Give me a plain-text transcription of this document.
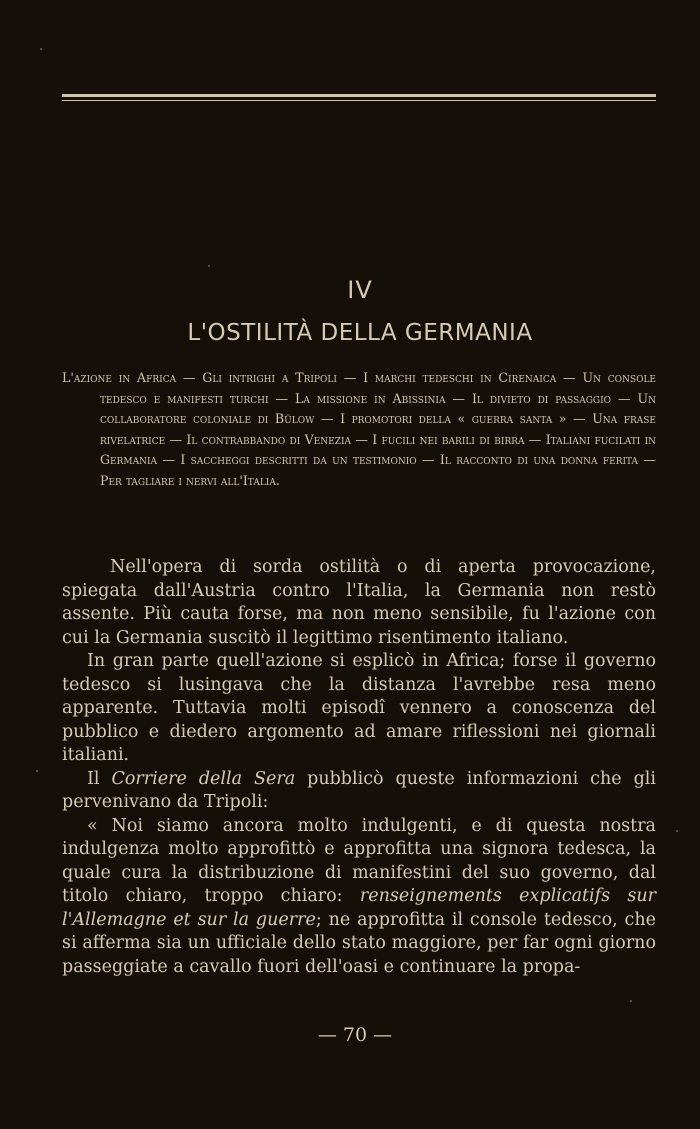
IV
L'OSTILITÀ DELLA GERMANIA
L'azione in Africa — Gli intrighi a Tripoli — I marchi tedeschi in Cirenaica — Un console tedesco e manifesti turchi — La missione in Abissinia — Il divieto di passaggio — Un collaboratore coloniale di Bülow — I promotori della « guerra santa » — Una frase rivelatrice — Il contrabbando di Venezia — I fucili nei barili di birra — Italiani fucilati in Germania — I saccheggi descritti da un testimonio — Il racconto di una donna ferita — Per tagliare i nervi all'Italia.

Nell'opera di sorda ostilità o di aperta provocazione, spiegata dall'Austria contro l'Italia, la Germania non restò assente. Più cauta forse, ma non meno sensibile, fu l'azione con cui la Germania suscitò il legittimo risentimento italiano.

In gran parte quell'azione si esplicò in Africa; forse il governo tedesco si lusingava che la distanza l'avrebbe resa meno apparente. Tuttavia molti episodî vennero a conoscenza del pubblico e diedero argomento ad amare riflessioni nei giornali italiani.

Il Corriere della Sera pubblicò queste informazioni che gli pervenivano da Tripoli:

« Noi siamo ancora molto indulgenti, e di questa nostra indulgenza molto approfittò e approfitta una signora tedesca, la quale cura la distribuzione di manifestini del suo governo, dal titolo chiaro, troppo chiaro: renseignements explicatifs sur l'Allemagne et sur la guerre; ne approfitta il console tedesco, che si afferma sia un ufficiale dello stato maggiore, per far ogni giorno passeggiate a cavallo fuori dell'oasi e continuare la propa-

— 70 —
